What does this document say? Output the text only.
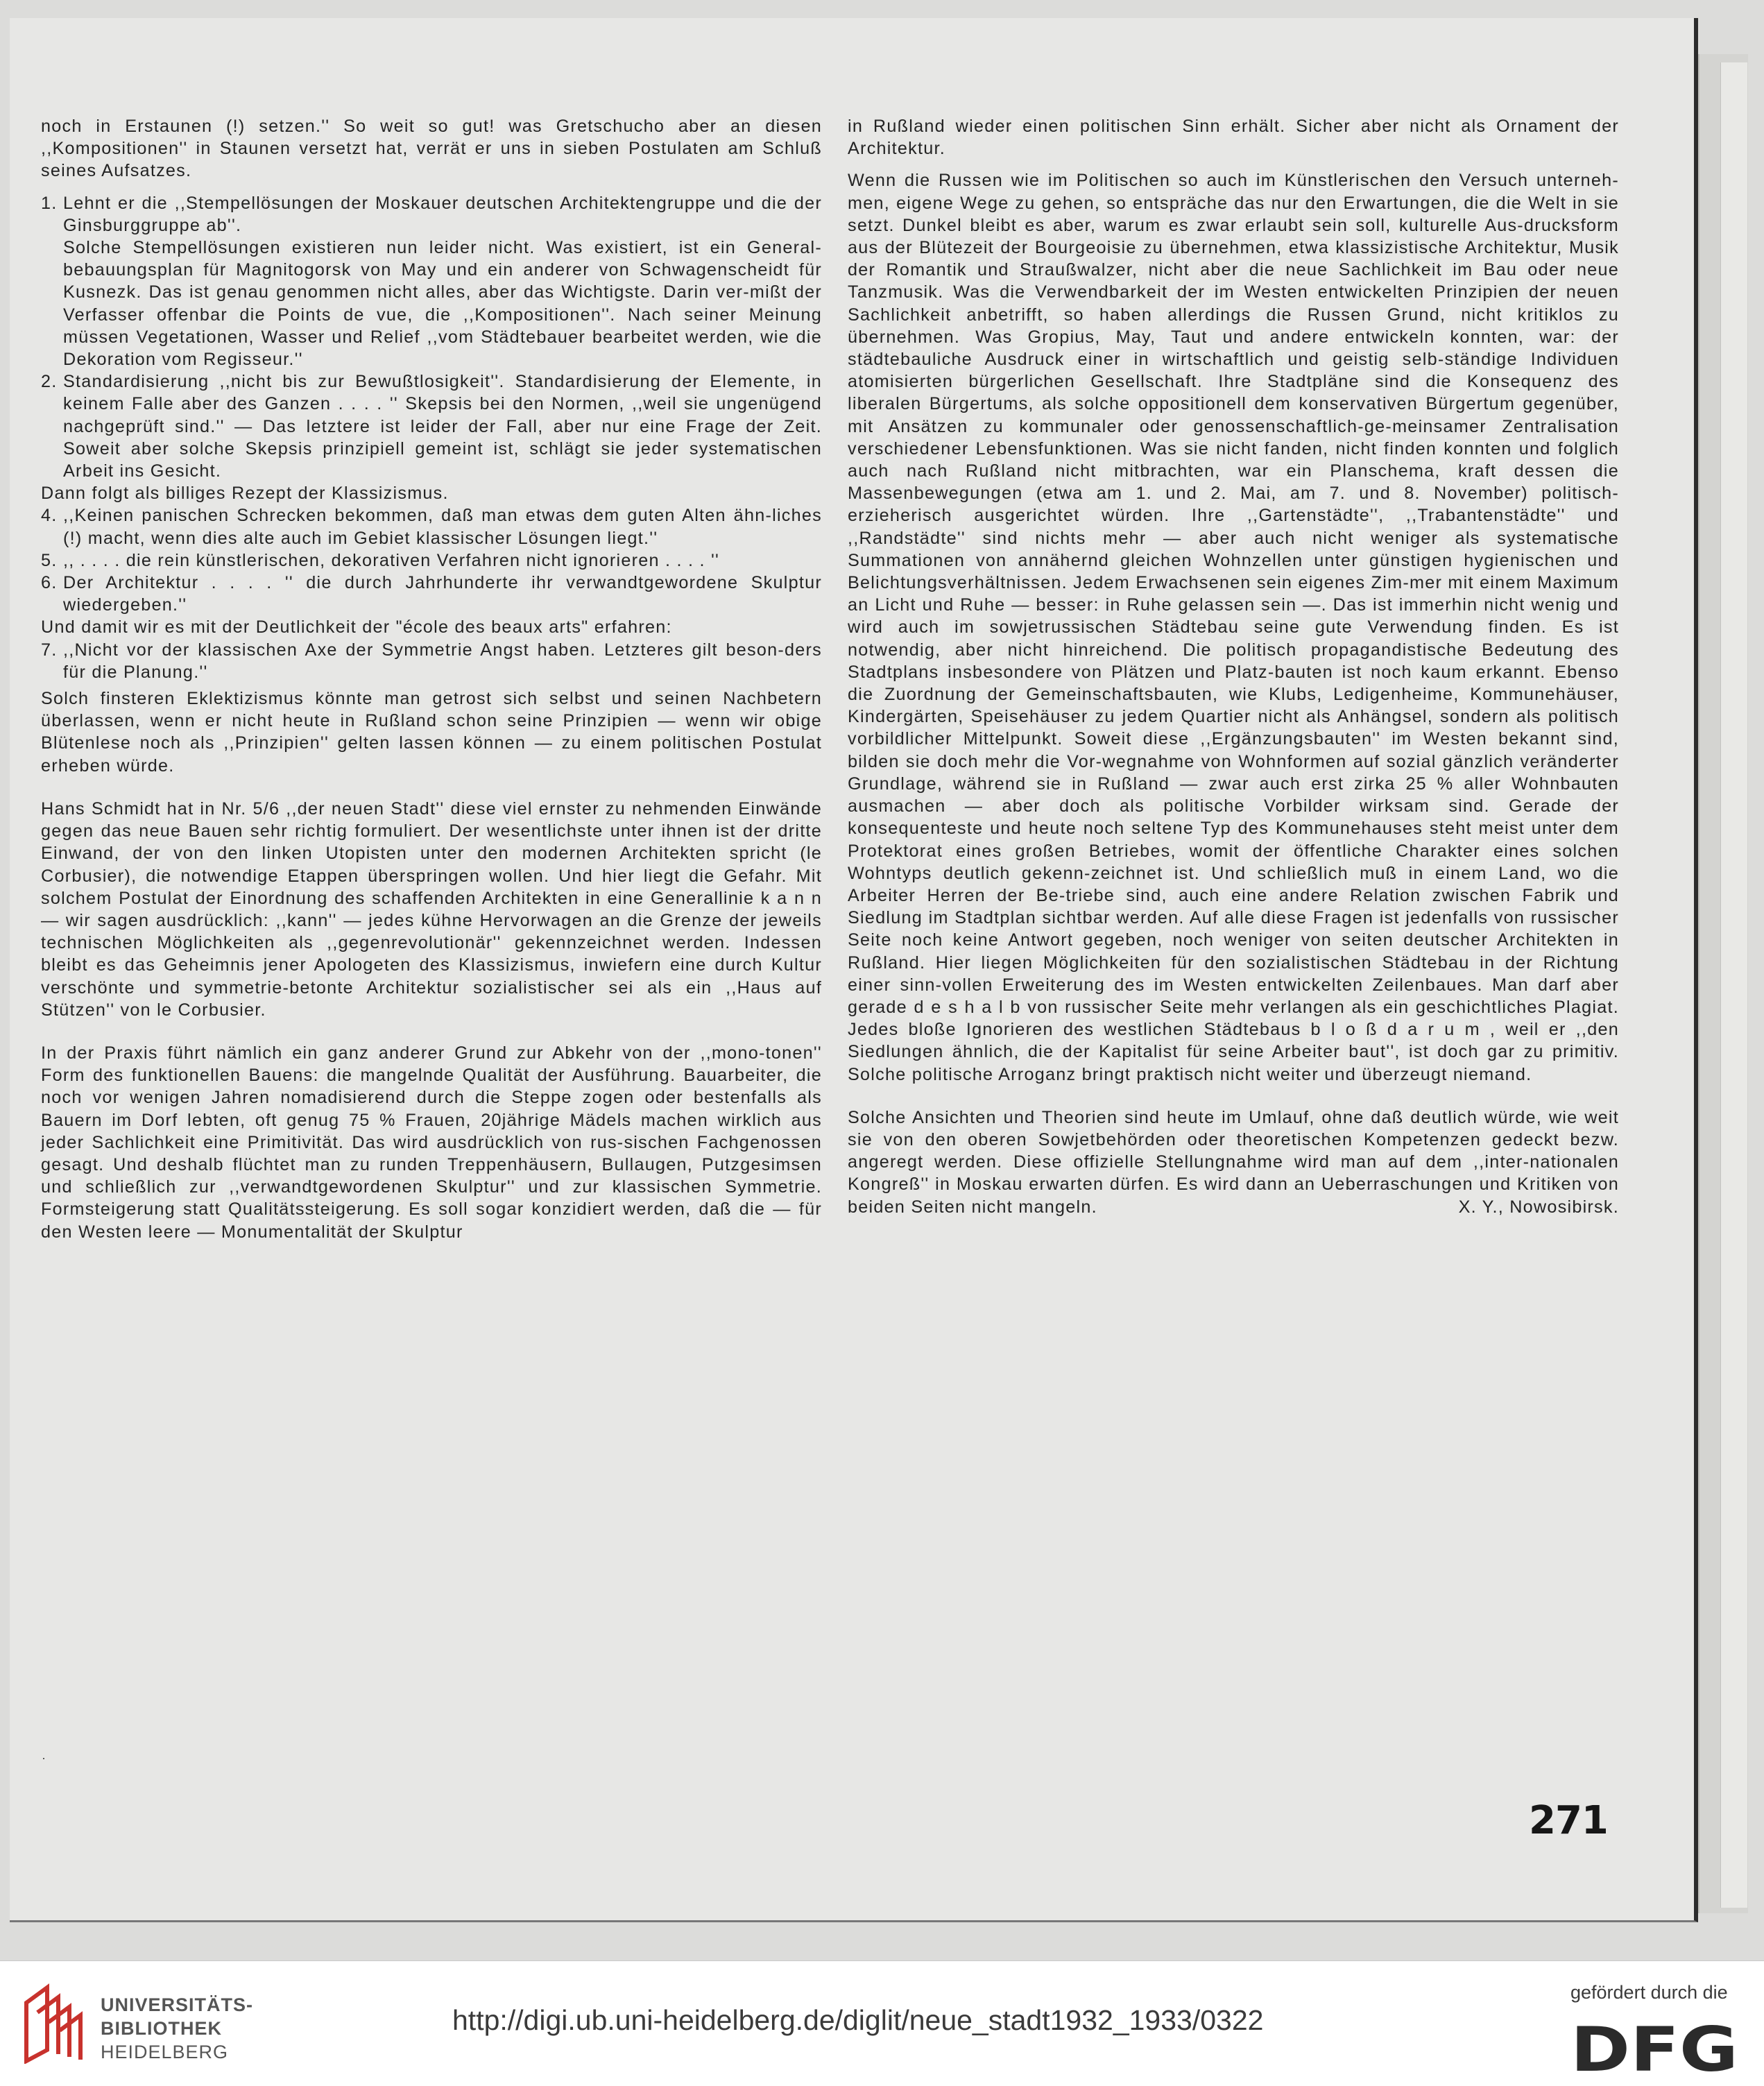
noch in Erstaunen (!) setzen.'' So weit so gut! was Gretschucho aber an diesen ,,Kompositionen'' in Staunen versetzt hat, verrät er uns in sieben Postulaten am Schluß seines Aufsatzes.

1. Lehnt er die ,,Stempellösungen der Moskauer deutschen Architektengruppe und die der Ginsburggruppe ab''.
Solche Stempellösungen existieren nun leider nicht. Was existiert, ist ein General-bebauungsplan für Magnitogorsk von May und ein anderer von Schwagenscheidt für Kusnezk. Das ist genau genommen nicht alles, aber das Wichtigste. Darin ver-mißt der Verfasser offenbar die Points de vue, die ,,Kompositionen''. Nach seiner Meinung müssen Vegetationen, Wasser und Relief ,,vom Städtebauer bearbeitet werden, wie die Dekoration vom Regisseur.''
2. Standardisierung ,,nicht bis zur Bewußtlosigkeit''. Standardisierung der Elemente, in keinem Falle aber des Ganzen . . . . '' Skepsis bei den Normen, ,,weil sie ungenügend nachgeprüft sind.'' — Das letztere ist leider der Fall, aber nur eine Frage der Zeit. Soweit aber solche Skepsis prinzipiell gemeint ist, schlägt sie jeder systematischen Arbeit ins Gesicht.
Dann folgt als billiges Rezept der Klassizismus.
4. ,,Keinen panischen Schrecken bekommen, daß man etwas dem guten Alten ähn-liches (!) macht, wenn dies alte auch im Gebiet klassischer Lösungen liegt.''
5. ,, . . . . die rein künstlerischen, dekorativen Verfahren nicht ignorieren . . . . ''
6. Der Architektur . . . . '' die durch Jahrhunderte ihr verwandtgewordene Skulptur wiedergeben.''
Und damit wir es mit der Deutlichkeit der "école des beaux arts" erfahren:
7. ,,Nicht vor der klassischen Axe der Symmetrie Angst haben. Letzteres gilt beson-ders für die Planung.''

Solch finsteren Eklektizismus könnte man getrost sich selbst und seinen Nachbetern überlassen, wenn er nicht heute in Rußland schon seine Prinzipien — wenn wir obige Blütenlese noch als ,,Prinzipien'' gelten lassen können — zu einem politischen Postulat erheben würde.

Hans Schmidt hat in Nr. 5/6 ,,der neuen Stadt'' diese viel ernster zu nehmenden Einwände gegen das neue Bauen sehr richtig formuliert. Der wesentlichste unter ihnen ist der dritte Einwand, der von den linken Utopisten unter den modernen Architekten spricht (le Corbusier), die notwendige Etappen überspringen wollen. Und hier liegt die Gefahr. Mit solchem Postulat der Einordnung des schaffenden Architekten in eine Generallinie k a n n — wir sagen ausdrücklich: ,,kann'' — jedes kühne Hervorwagen an die Grenze der jeweils technischen Möglichkeiten als ,,gegenrevolutionär'' gekennzeichnet werden. Indessen bleibt es das Geheimnis jener Apologeten des Klassizismus, inwiefern eine durch Kultur verschönte und symmetrie-betonte Architektur sozialistischer sei als ein ,,Haus auf Stützen'' von le Corbusier.

In der Praxis führt nämlich ein ganz anderer Grund zur Abkehr von der ,,mono-tonen'' Form des funktionellen Bauens: die mangelnde Qualität der Ausführung. Bauarbeiter, die noch vor wenigen Jahren nomadisierend durch die Steppe zogen oder bestenfalls als Bauern im Dorf lebten, oft genug 75 % Frauen, 20jährige Mädels machen wirklich aus jeder Sachlichkeit eine Primitivität. Das wird ausdrücklich von rus-sischen Fachgenossen gesagt. Und deshalb flüchtet man zu runden Treppenhäusern, Bullaugen, Putzgesimsen und schließlich zur ,,verwandtgewordenen Skulptur'' und zur klassischen Symmetrie. Formsteigerung statt Qualitätssteigerung. Es soll sogar konzidiert werden, daß die — für den Westen leere — Monumentalität der Skulptur

in Rußland wieder einen politischen Sinn erhält. Sicher aber nicht als Ornament der Architektur.

Wenn die Russen wie im Politischen so auch im Künstlerischen den Versuch unterneh-men, eigene Wege zu gehen, so entspräche das nur den Erwartungen, die die Welt in sie setzt. Dunkel bleibt es aber, warum es zwar erlaubt sein soll, kulturelle Aus-drucksform aus der Blütezeit der Bourgeoisie zu übernehmen, etwa klassizistische Architektur, Musik der Romantik und Straußwalzer, nicht aber die neue Sachlichkeit im Bau oder neue Tanzmusik. Was die Verwendbarkeit der im Westen entwickelten Prinzipien der neuen Sachlichkeit anbetrifft, so haben allerdings die Russen Grund, nicht kritiklos zu übernehmen. Was Gropius, May, Taut und andere entwickeln konnten, war: der städtebauliche Ausdruck einer in wirtschaftlich und geistig selb-ständige Individuen atomisierten bürgerlichen Gesellschaft. Ihre Stadtpläne sind die Konsequenz des liberalen Bürgertums, als solche oppositionell dem konservativen Bürgertum gegenüber, mit Ansätzen zu kommunaler oder genossenschaftlich-ge-meinsamer Zentralisation verschiedener Lebensfunktionen. Was sie nicht fanden, nicht finden konnten und folglich auch nach Rußland nicht mitbrachten, war ein Planschema, kraft dessen die Massenbewegungen (etwa am 1. und 2. Mai, am 7. und 8. November) politisch-erzieherisch ausgerichtet würden. Ihre ,,Gartenstädte'', ,,Trabantenstädte'' und ,,Randstädte'' sind nichts mehr — aber auch nicht weniger als systematische Summationen von annähernd gleichen Wohnzellen unter günstigen hygienischen und Belichtungsverhältnissen. Jedem Erwachsenen sein eigenes Zim-mer mit einem Maximum an Licht und Ruhe — besser: in Ruhe gelassen sein —. Das ist immerhin nicht wenig und wird auch im sowjetrussischen Städtebau seine gute Verwendung finden. Es ist notwendig, aber nicht hinreichend. Die politisch propagandistische Bedeutung des Stadtplans insbesondere von Plätzen und Platz-bauten ist noch kaum erkannt. Ebenso die Zuordnung der Gemeinschaftsbauten, wie Klubs, Ledigenheime, Kommunehäuser, Kindergärten, Speisehäuser zu jedem Quartier nicht als Anhängsel, sondern als politisch vorbildlicher Mittelpunkt. Soweit diese ,,Ergänzungsbauten'' im Westen bekannt sind, bilden sie doch mehr die Vor-wegnahme von Wohnformen auf sozial gänzlich veränderter Grundlage, während sie in Rußland — zwar auch erst zirka 25 % aller Wohnbauten ausmachen — aber doch als politische Vorbilder wirksam sind. Gerade der konsequenteste und heute noch seltene Typ des Kommunehauses steht meist unter dem Protektorat eines großen Betriebes, womit der öffentliche Charakter eines solchen Wohntyps deutlich gekenn-zeichnet ist. Und schließlich muß in einem Land, wo die Arbeiter Herren der Be-triebe sind, auch eine andere Relation zwischen Fabrik und Siedlung im Stadtplan sichtbar werden. Auf alle diese Fragen ist jedenfalls von russischer Seite noch keine Antwort gegeben, noch weniger von seiten deutscher Architekten in Rußland. Hier liegen Möglichkeiten für den sozialistischen Städtebau in der Richtung einer sinn-vollen Erweiterung des im Westen entwickelten Zeilenbaues. Man darf aber gerade d e s h a l b von russischer Seite mehr verlangen als ein geschichtliches Plagiat. Jedes bloße Ignorieren des westlichen Städtebaus b l o ß d a r u m , weil er ,,den Siedlungen ähnlich, die der Kapitalist für seine Arbeiter baut'', ist doch gar zu primitiv. Solche politische Arroganz bringt praktisch nicht weiter und überzeugt niemand.

Solche Ansichten und Theorien sind heute im Umlauf, ohne daß deutlich würde, wie weit sie von den oberen Sowjetbehörden oder theoretischen Kompetenzen gedeckt bezw. angeregt werden. Diese offizielle Stellungnahme wird man auf dem ,,inter-nationalen Kongreß'' in Moskau erwarten dürfen. Es wird dann an Ueberraschungen und Kritiken von beiden Seiten nicht mangeln.	X. Y., Nowosibirsk.

·
271
UNIVERSITÄTS-
BIBLIOTHEK
HEIDELBERG
http://digi.ub.uni-heidelberg.de/diglit/neue_stadt1932_1933/0322
gefördert durch die
DFG
